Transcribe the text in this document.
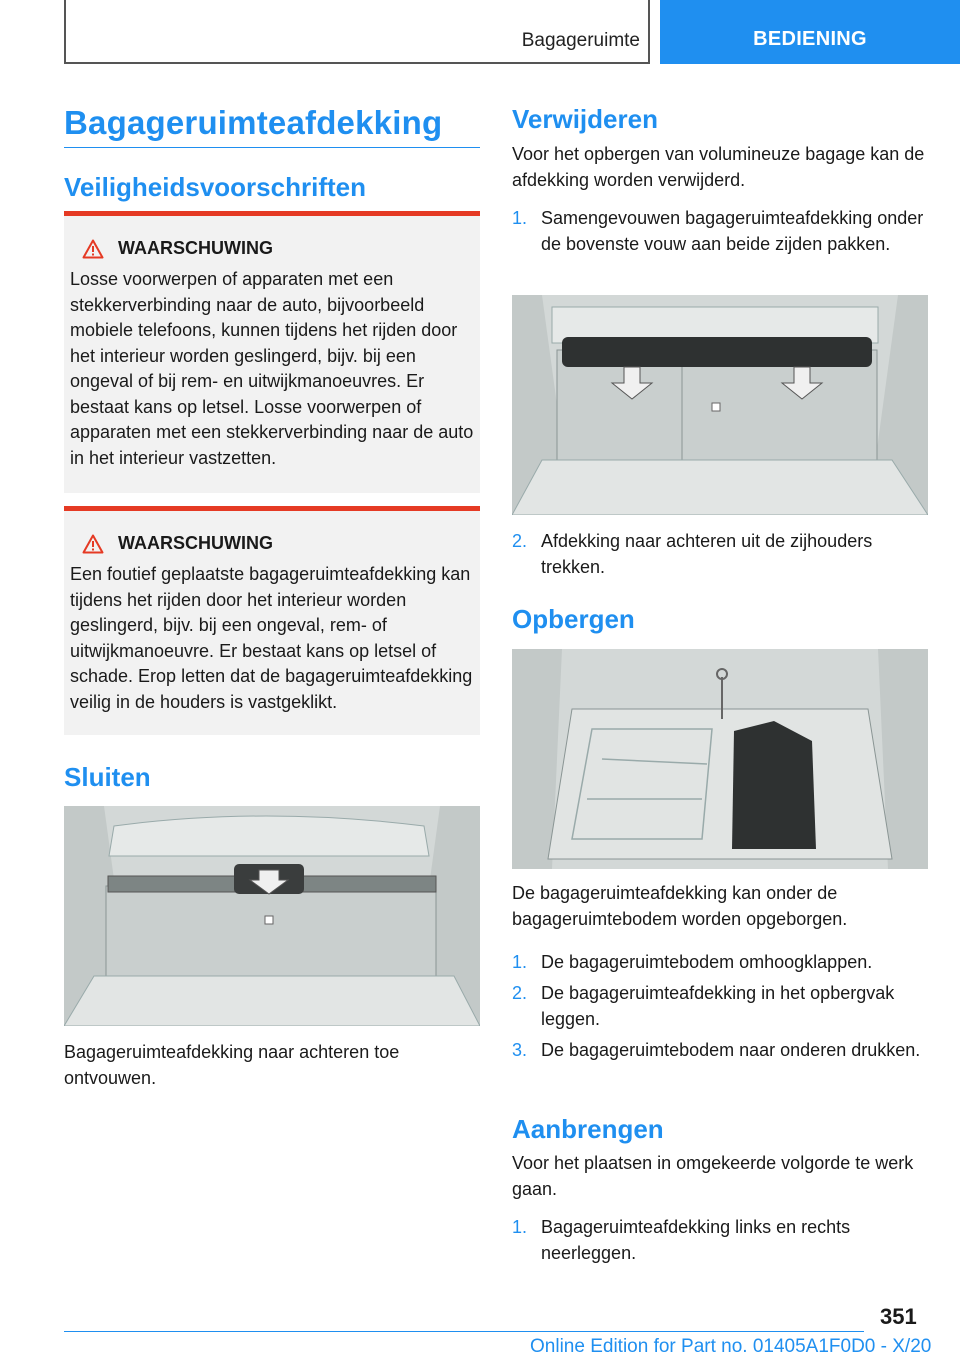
Bagageruimte	BEDIENING
Bagageruimteafdekking
Veiligheidsvoorschriften
WAARSCHUWING
Losse voorwerpen of apparaten met een stekkerverbinding naar de auto, bijvoorbeeld mobiele telefoons, kunnen tijdens het rijden door het interieur worden geslingerd, bijv. bij een ongeval of bij rem- en uitwijkmanoeuvres. Er bestaat kans op letsel. Losse voorwerpen of apparaten met een stekkerverbinding naar de auto in het interieur vastzetten.
WAARSCHUWING
Een foutief geplaatste bagageruimteafdekking kan tijdens het rijden door het interieur worden geslingerd, bijv. bij een ongeval, rem- of uitwijkmanoeuvre. Er bestaat kans op letsel of schade. Erop letten dat de bagageruimteafdekking veilig in de houders is vastgeklikt.
Sluiten

Bagageruimteafdekking naar achteren toe ontvouwen.

Verwijderen

Voor het opbergen van volumineuze bagage kan de afdekking worden verwijderd.

1. Samengevouwen bagageruimteafdekking onder de bovenste vouw aan beide zijden pakken.
2. Afdekking naar achteren uit de zijhouders trekken.
Opbergen

De bagageruimteafdekking kan onder de bagageruimtebodem worden opgeborgen.

1. De bagageruimtebodem omhoogklappen.
2. De bagageruimteafdekking in het opbergvak leggen.
3. De bagageruimtebodem naar onderen drukken.
Aanbrengen

Voor het plaatsen in omgekeerde volgorde te werk gaan.

1. Bagageruimteafdekking links en rechts neerleggen.
351
Online Edition for Part no. 01405A1F0D0 - X/20
